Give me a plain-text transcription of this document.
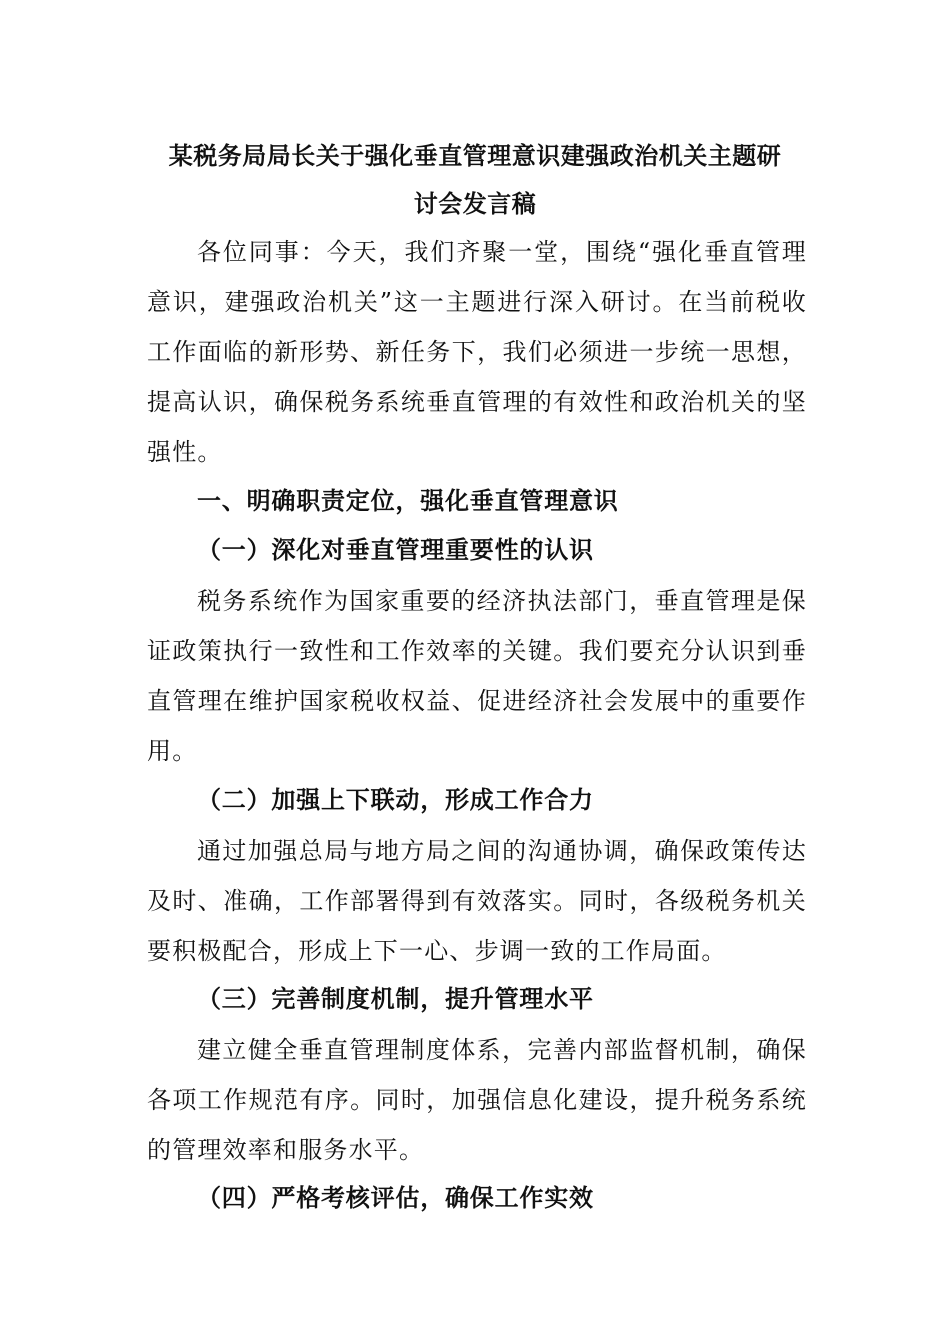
某税务局局长关于强化垂直管理意识建强政治机关主题研
讨会发言稿

各位同事：今天，我们齐聚一堂，围绕“强化垂直管理意识，建强政治机关”这一主题进行深入研讨。在当前税收工作面临的新形势、新任务下，我们必须进一步统一思想，提高认识，确保税务系统垂直管理的有效性和政治机关的坚强性。

一、明确职责定位，强化垂直管理意识

（一）深化对垂直管理重要性的认识

税务系统作为国家重要的经济执法部门，垂直管理是保证政策执行一致性和工作效率的关键。我们要充分认识到垂直管理在维护国家税收权益、促进经济社会发展中的重要作用。

（二）加强上下联动，形成工作合力

通过加强总局与地方局之间的沟通协调，确保政策传达及时、准确，工作部署得到有效落实。同时，各级税务机关要积极配合，形成上下一心、步调一致的工作局面。

（三）完善制度机制，提升管理水平

建立健全垂直管理制度体系，完善内部监督机制，确保各项工作规范有序。同时，加强信息化建设，提升税务系统的管理效率和服务水平。

（四）严格考核评估，确保工作实效
